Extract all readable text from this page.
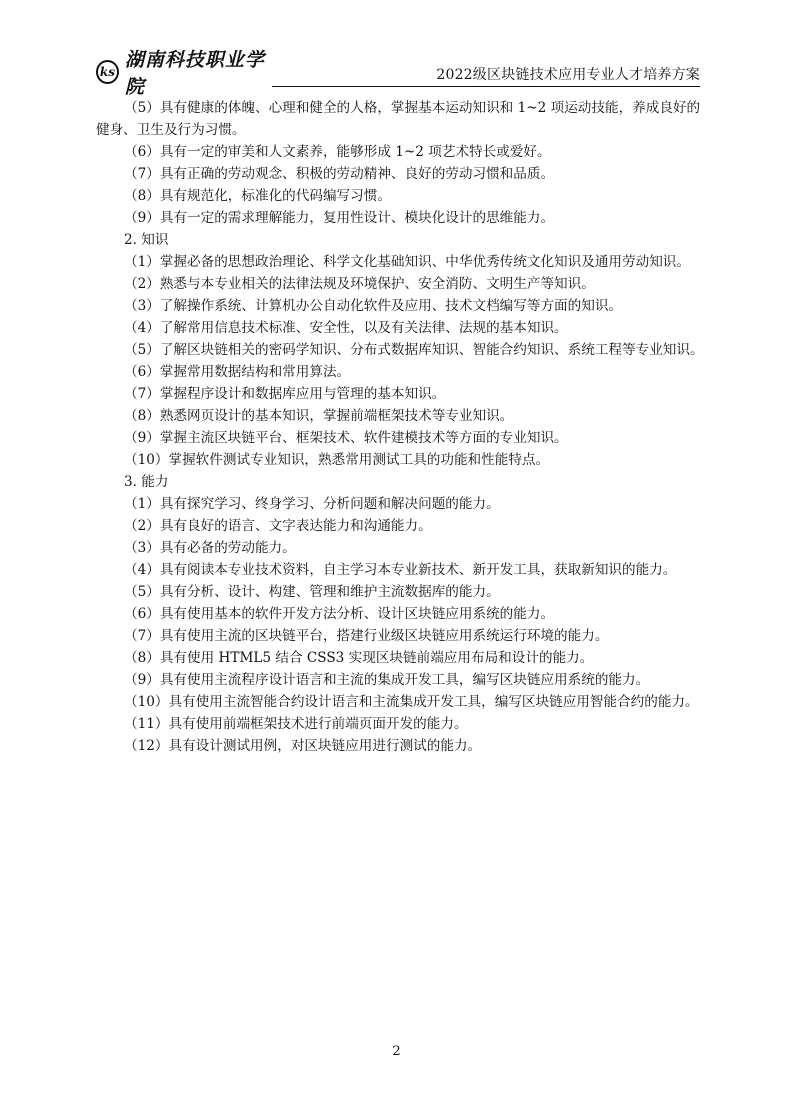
ks
湖南科技职业学院
2022级区块链技术应用专业人才培养方案

（5）具有健康的体魄、心理和健全的人格，掌握基本运动知识和 1~2 项运动技能，养成良好的健身、卫生及行为习惯。

（6）具有一定的审美和人文素养，能够形成 1~2 项艺术特长或爱好。

（7）具有正确的劳动观念、积极的劳动精神、良好的劳动习惯和品质。

（8）具有规范化，标准化的代码编写习惯。

（9）具有一定的需求理解能力，复用性设计、模块化设计的思维能力。

2. 知识

（1）掌握必备的思想政治理论、科学文化基础知识、中华优秀传统文化知识及通用劳动知识。

（2）熟悉与本专业相关的法律法规及环境保护、安全消防、文明生产等知识。

（3）了解操作系统、计算机办公自动化软件及应用、技术文档编写等方面的知识。

（4）了解常用信息技术标准、安全性，以及有关法律、法规的基本知识。

（5）了解区块链相关的密码学知识、分布式数据库知识、智能合约知识、系统工程等专业知识。

（6）掌握常用数据结构和常用算法。

（7）掌握程序设计和数据库应用与管理的基本知识。

（8）熟悉网页设计的基本知识，掌握前端框架技术等专业知识。

（9）掌握主流区块链平台、框架技术、软件建模技术等方面的专业知识。

（10）掌握软件测试专业知识，熟悉常用测试工具的功能和性能特点。

3. 能力

（1）具有探究学习、终身学习、分析问题和解决问题的能力。

（2）具有良好的语言、文字表达能力和沟通能力。

（3）具有必备的劳动能力。

（4）具有阅读本专业技术资料，自主学习本专业新技术、新开发工具，获取新知识的能力。

（5）具有分析、设计、构建、管理和维护主流数据库的能力。

（6）具有使用基本的软件开发方法分析、设计区块链应用系统的能力。

（7）具有使用主流的区块链平台，搭建行业级区块链应用系统运行环境的能力。

（8）具有使用 HTML5 结合 CSS3 实现区块链前端应用布局和设计的能力。

（9）具有使用主流程序设计语言和主流的集成开发工具，编写区块链应用系统的能力。

（10）具有使用主流智能合约设计语言和主流集成开发工具，编写区块链应用智能合约的能力。

（11）具有使用前端框架技术进行前端页面开发的能力。

（12）具有设计测试用例，对区块链应用进行测试的能力。

2
